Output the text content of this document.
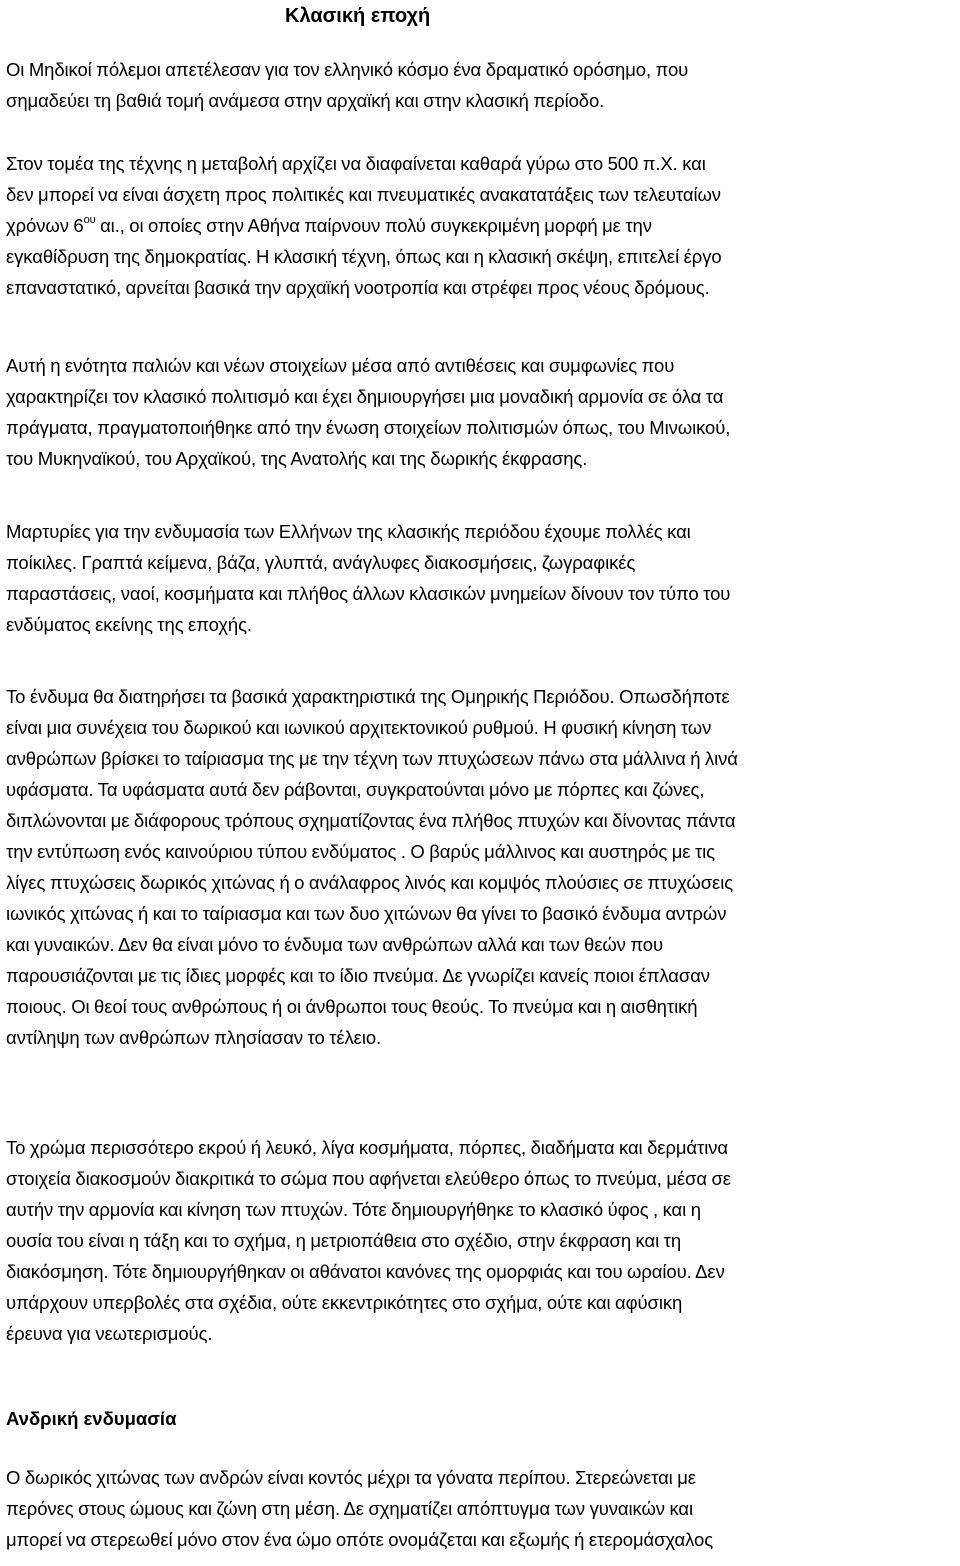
Κλασική εποχή

Οι Μηδικοί πόλεμοι απετέλεσαν για τον ελληνικό κόσμο ένα δραματικό ορόσημο, που
σημαδεύει τη βαθιά τομή ανάμεσα στην αρχαϊκή και στην κλασική περίοδο.

Στον τομέα της τέχνης η μεταβολή αρχίζει να διαφαίνεται καθαρά γύρω στο 500 π.Χ. και
δεν μπορεί να είναι άσχετη προς πολιτικές και πνευματικές ανακατατάξεις των τελευταίων
χρόνων $6^{o\upsilon}$ αι., οι οποίες στην Αθήνα παίρνουν πολύ συγκεκριμένη μορφή με την
εγκαθίδρυση της δημοκρατίας. Η κλασική τέχνη, όπως και η κλασική σκέψη, επιτελεί έργο
επαναστατικό, αρνείται βασικά την αρχαϊκή νοοτροπία και στρέφει προς νέους δρόμους.

Αυτή η ενότητα παλιών και νέων στοιχείων μέσα από αντιθέσεις και συμφωνίες που
χαρακτηρίζει τον κλασικό πολιτισμό και έχει δημιουργήσει μια μοναδική αρμονία σε όλα τα
πράγματα, πραγματοποιήθηκε από την ένωση στοιχείων πολιτισμών όπως, του Μινωικού,
του Μυκηναϊκού, του Αρχαϊκού, της Ανατολής και της δωρικής έκφρασης.

Μαρτυρίες για την ενδυμασία των Ελλήνων της κλασικής περιόδου έχουμε πολλές και
ποίκιλες. Γραπτά κείμενα, βάζα, γλυπτά, ανάγλυφες διακοσμήσεις, ζωγραφικές
παραστάσεις, ναοί, κοσμήματα και πλήθος άλλων κλασικών μνημείων δίνουν τον τύπο του
ενδύματος εκείνης της εποχής.

Το ένδυμα θα διατηρήσει τα βασικά χαρακτηριστικά της Ομηρικής Περιόδου. Οπωσδήποτε
είναι μια συνέχεια του δωρικού και ιωνικού αρχιτεκτονικού ρυθμού. Η φυσική κίνηση των
ανθρώπων βρίσκει το ταίριασμα της με την τέχνη των πτυχώσεων πάνω στα μάλλινα ή λινά
υφάσματα. Τα υφάσματα αυτά δεν ράβονται, συγκρατούνται μόνο με πόρπες και ζώνες,
διπλώνονται με διάφορους τρόπους σχηματίζοντας ένα πλήθος πτυχών και δίνοντας πάντα
την εντύπωση ενός καινούριου τύπου ενδύματος . Ο βαρύς μάλλινος και αυστηρός με τις
λίγες πτυχώσεις δωρικός χιτώνας ή ο ανάλαφρος λινός και κομψός πλούσιες σε πτυχώσεις
ιωνικός χιτώνας ή και το ταίριασμα και των δυο χιτώνων θα γίνει το βασικό ένδυμα αντρών
και γυναικών. Δεν θα είναι μόνο το ένδυμα των ανθρώπων αλλά και των θεών που
παρουσιάζονται με τις ίδιες μορφές και το ίδιο πνεύμα. Δε γνωρίζει κανείς ποιοι έπλασαν
ποιους. Οι θεοί τους ανθρώπους ή οι άνθρωποι τους θεούς. Το πνεύμα και η αισθητική
αντίληψη των ανθρώπων πλησίασαν το τέλειο.

Το χρώμα περισσότερο εκρού ή λευκό, λίγα κοσμήματα, πόρπες, διαδήματα και δερμάτινα
στοιχεία διακοσμούν διακριτικά το σώμα που αφήνεται ελεύθερο όπως το πνεύμα, μέσα σε
αυτήν την αρμονία και κίνηση των πτυχών. Τότε δημιουργήθηκε το κλασικό ύφος , και η
ουσία του είναι η τάξη και το σχήμα, η μετριοπάθεια στο σχέδιο, στην έκφραση και τη
διακόσμηση. Τότε δημιουργήθηκαν οι αθάνατοι κανόνες της ομορφιάς και του ωραίου. Δεν
υπάρχουν υπερβολές στα σχέδια, ούτε εκκεντρικότητες στο σχήμα, ούτε και αφύσικη
έρευνα για νεωτερισμούς.

Ανδρική ενδυμασία

Ο δωρικός χιτώνας των ανδρών είναι κοντός μέχρι τα γόνατα περίπου. Στερεώνεται με
περόνες στους ώμους και ζώνη στη μέση. Δε σχηματίζει απόπτυγμα των γυναικών και
μπορεί να στερεωθεί μόνο στον ένα ώμο οπότε ονομάζεται και εξωμής ή ετερομάσχαλος
